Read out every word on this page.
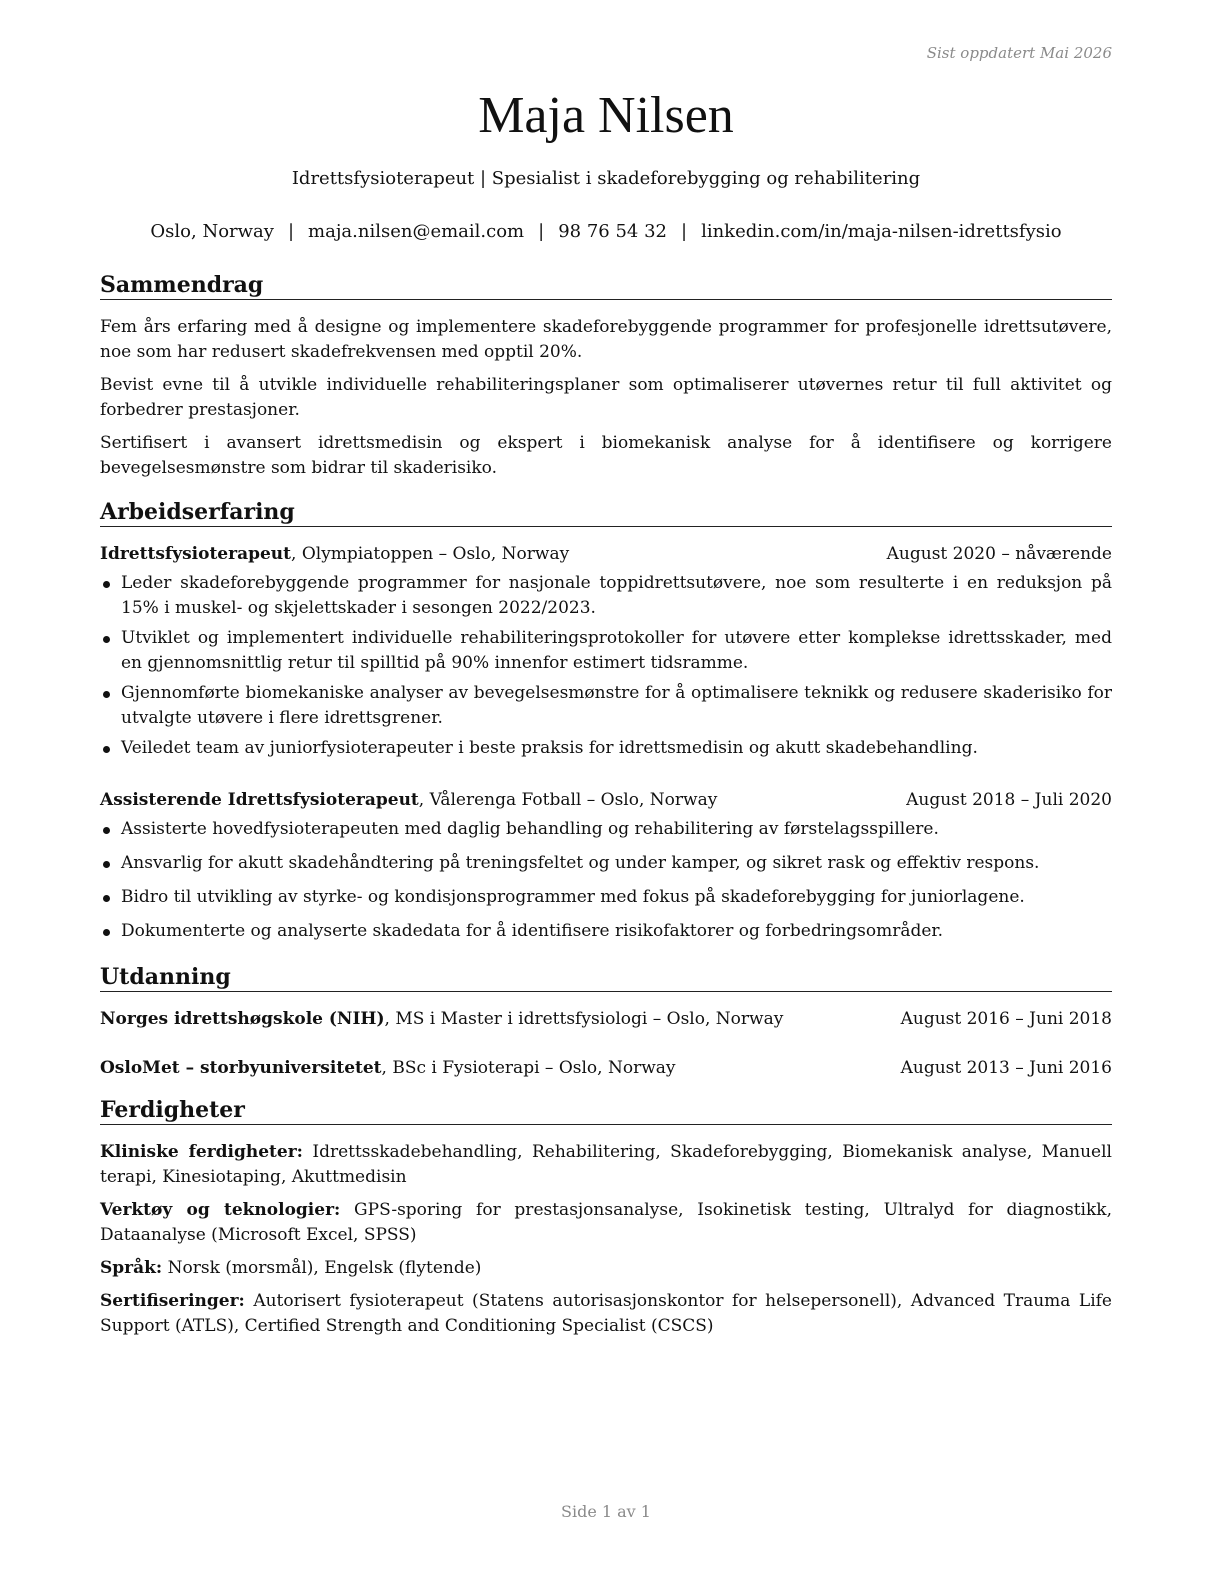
Sist oppdatert Mai 2026
Maja Nilsen
Idrettsfysioterapeut | Spesialist i skadeforebygging og rehabilitering
Oslo, Norway | maja.nilsen@email.com | 98 76 54 32 | linkedin.com/in/maja-nilsen-idrettsfysio
Sammendrag

Fem års erfaring med å designe og implementere skadeforebyggende programmer for profesjonelle idrettsutøvere, noe som har redusert skadefrekvensen med opptil 20%.

Bevist evne til å utvikle individuelle rehabiliteringsplaner som optimaliserer utøvernes retur til full aktivitet og forbedrer prestasjoner.

Sertifisert i avansert idrettsmedisin og ekspert i biomekanisk analyse for å identifisere og korrigere bevegelsesmønstre som bidrar til skaderisiko.

Arbeidserfaring
Idrettsfysioterapeut, Olympiatoppen – Oslo, Norway	August 2020 – nåværende
Leder skadeforebyggende programmer for nasjonale toppidrettsutøvere, noe som resulterte i en reduksjon på 15% i muskel- og skjelettskader i sesongen 2022/2023.
Utviklet og implementert individuelle rehabiliteringsprotokoller for utøvere etter komplekse idrettsskader, med en gjennomsnittlig retur til spilltid på 90% innenfor estimert tidsramme.
Gjennomførte biomekaniske analyser av bevegelsesmønstre for å optimalisere teknikk og redusere skaderisiko for utvalgte utøvere i flere idrettsgrener.
Veiledet team av juniorfysioterapeuter i beste praksis for idrettsmedisin og akutt skadebehandling.
Assisterende Idrettsfysioterapeut, Vålerenga Fotball – Oslo, Norway	August 2018 – Juli 2020
Assisterte hovedfysioterapeuten med daglig behandling og rehabilitering av førstelagsspillere.
Ansvarlig for akutt skadehåndtering på treningsfeltet og under kamper, og sikret rask og effektiv respons.
Bidro til utvikling av styrke- og kondisjonsprogrammer med fokus på skadeforebygging for juniorlagene.
Dokumenterte og analyserte skadedata for å identifisere risikofaktorer og forbedringsområder.
Utdanning
Norges idrettshøgskole (NIH), MS i Master i idrettsfysiologi – Oslo, Norway	August 2016 – Juni 2018
OsloMet – storbyuniversitetet, BSc i Fysioterapi – Oslo, Norway	August 2013 – Juni 2016
Ferdigheter

Kliniske ferdigheter: Idrettsskadebehandling, Rehabilitering, Skadeforebygging, Biomekanisk analyse, Manuell terapi, Kinesiotaping, Akuttmedisin

Verktøy og teknologier: GPS-sporing for prestasjonsanalyse, Isokinetisk testing, Ultralyd for diagnostikk, Dataanalyse (Microsoft Excel, SPSS)

Språk: Norsk (morsmål), Engelsk (flytende)

Sertifiseringer: Autorisert fysioterapeut (Statens autorisasjonskontor for helsepersonell), Advanced Trauma Life Support (ATLS), Certified Strength and Conditioning Specialist (CSCS)

Side 1 av 1
